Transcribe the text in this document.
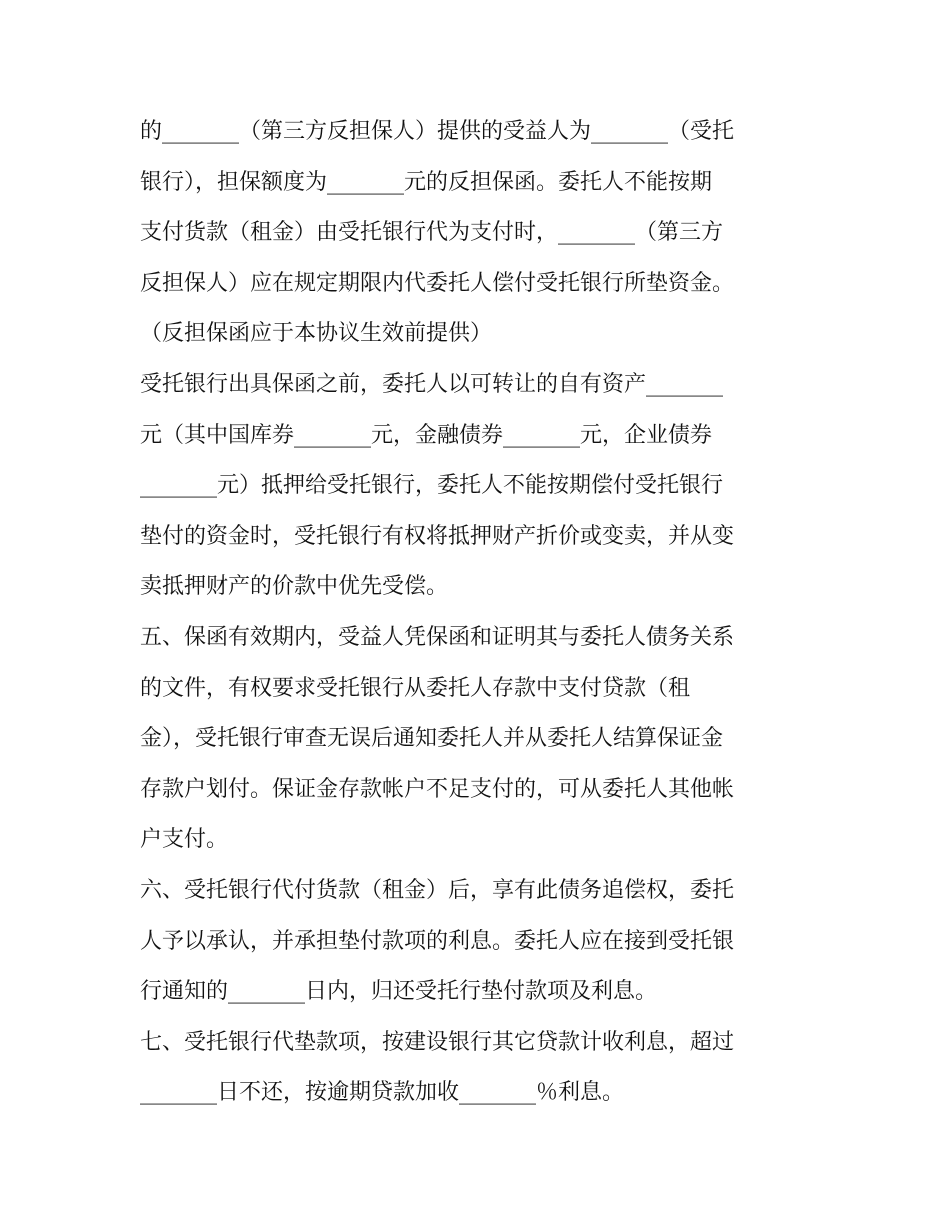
的_______（第三方反担保人）提供的受益人为_______（受托
银行），担保额度为_______元的反担保函。委托人不能按期
支付货款（租金）由受托银行代为支付时，_______（第三方
反担保人）应在规定期限内代委托人偿付受托银行所垫资金。
（反担保函应于本协议生效前提供）
受托银行出具保函之前，委托人以可转让的自有资产_______
元（其中国库券_______元，金融债券_______元，企业债券
_______元）抵押给受托银行，委托人不能按期偿付受托银行
垫付的资金时，受托银行有权将抵押财产折价或变卖，并从变
卖抵押财产的价款中优先受偿。
五、保函有效期内，受益人凭保函和证明其与委托人债务关系
的文件，有权要求受托银行从委托人存款中支付贷款（租
金），受托银行审查无误后通知委托人并从委托人结算保证金
存款户划付。保证金存款帐户不足支付的，可从委托人其他帐
户支付。
六、受托银行代付货款（租金）后，享有此债务追偿权，委托
人予以承认，并承担垫付款项的利息。委托人应在接到受托银
行通知的_______日内，归还受托行垫付款项及利息。
七、受托银行代垫款项，按建设银行其它贷款计收利息，超过
_______日不还，按逾期贷款加收_______％利息。
